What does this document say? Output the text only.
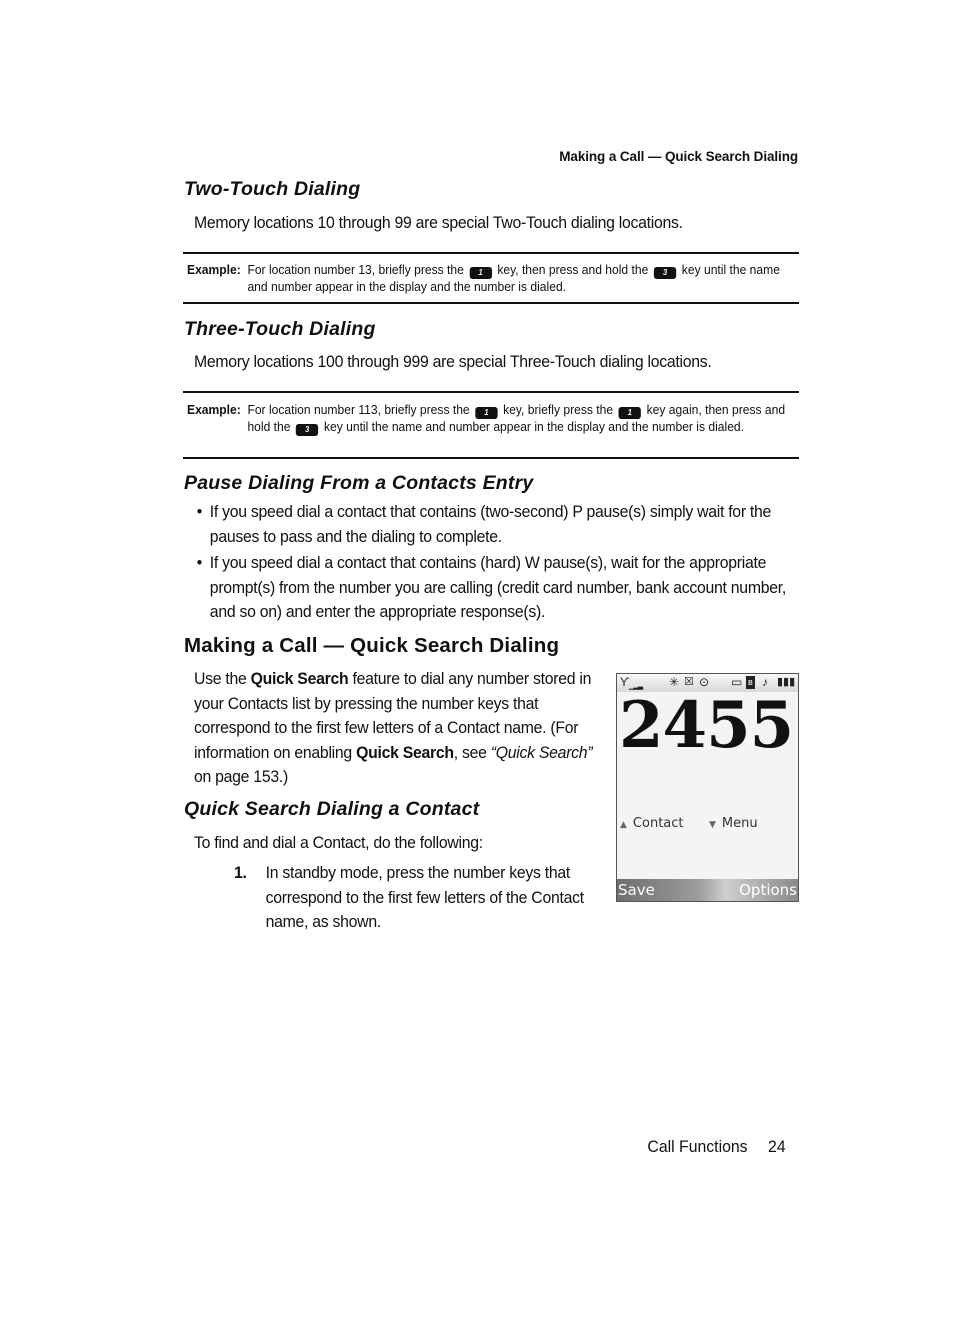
Making a Call — Quick Search Dialing
Two-Touch Dialing
Memory locations 10 through 99 are special Two-Touch dialing locations.
Example: For location number 13, briefly press the 1 key, then press and hold the 3 key until the name and number appear in the display and the number is dialed.
Three-Touch Dialing
Memory locations 100 through 999 are special Three-Touch dialing locations.
Example: For location number 113, briefly press the 1 key, briefly press the 1 key again, then press and hold the 3 key until the name and number appear in the display and the number is dialed.
Pause Dialing From a Contacts Entry
• If you speed dial a contact that contains (two-second) P pause(s) simply wait for the pauses to pass and the dialing to complete.
• If you speed dial a contact that contains (hard) W pause(s), wait for the appropriate prompt(s) from the number you are calling (credit card number, bank account number, and so on) and enter the appropriate response(s).
Making a Call — Quick Search Dialing
Use the Quick Search feature to dial any number stored in your Contacts list by pressing the number keys that correspond to the first few letters of a Contact name. (For information on enabling Quick Search, see “Quick Search” on page 153.)
Quick Search Dialing a Contact
To find and dial a Contact, do the following:
1. In standby mode, press the number keys that correspond to the first few letters of the Contact name, as shown.
Ƴ ▁▂▃ ✳ ☒ ⊙ ▭ ʙ ♪ ▮▮▮
2455
▲ Contact	▼ Menu
Save	Options
Call Functions 24
